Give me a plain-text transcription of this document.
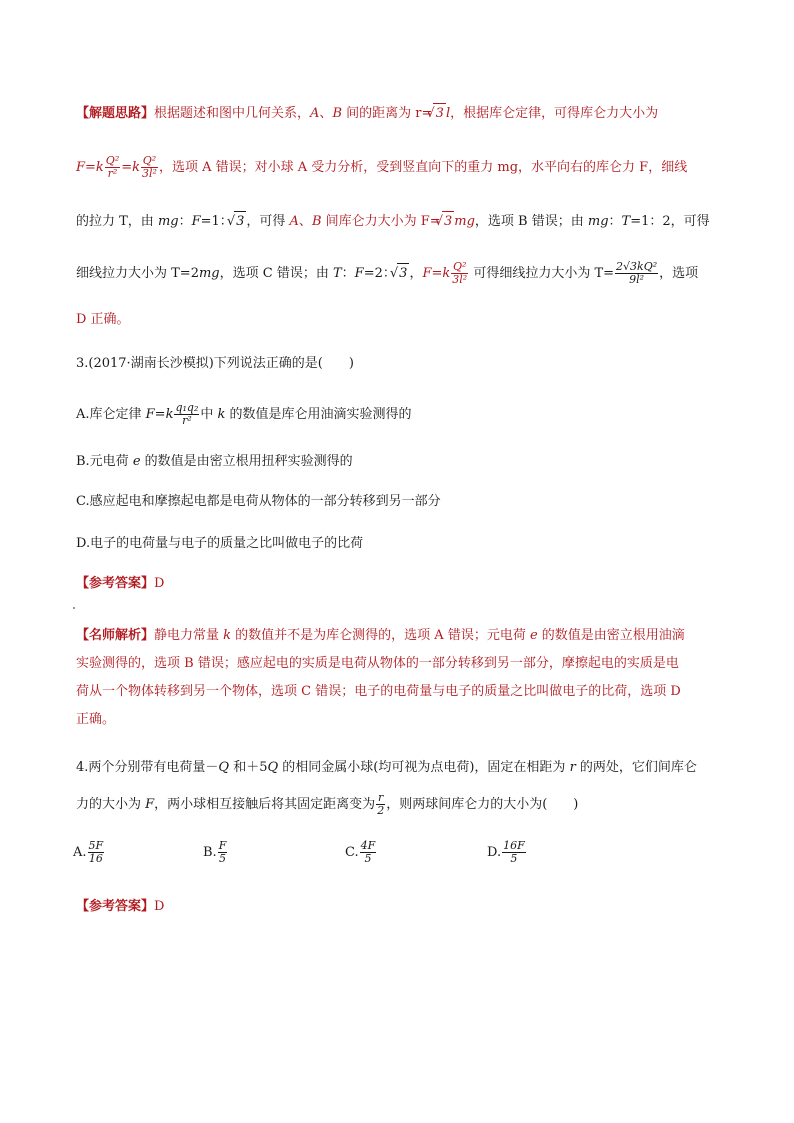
【解题思路】根据题述和图中几何关系，A、B 间的距离为 r= √ 3 l，根据库仑定律，可得库仑力大小为
$F=k \frac{\text{Q²}}{\text{r²}} =k \frac{\text{Q²}}{\text{3l²}}$ ，选项 A 错误；对小球 A 受力分析，受到竖直向下的重力 mg，水平向右的库仑力 F，细线
的拉力 T，由 mg：F=1： √ 3 ，可得 A、B 间库仑力大小为 F= √ 3 mg，选项 B 错误；由 mg：T=1：2，可得
细线拉力大小为 T=2mg，选项 C 错误；由 T：F=2： √ 3 ，$F=k \frac{\text{Q²}}{\text{3l²}}$ 可得细线拉力大小为 $T= \frac{\text{2√3kQ²}}{\text{9l²}}$ ，选项
D 正确。
3.(2017·湖南长沙模拟)下列说法正确的是(　　)
A.库仑定律 $F=k \frac{\text{q₁q₂}}{\text{r²}}$ 中 k 的数值是库仑用油滴实验测得的
B.元电荷 e 的数值是由密立根用扭秤实验测得的
C.感应起电和摩擦起电都是电荷从物体的一部分转移到另一部分
D.电子的电荷量与电子的质量之比叫做电子的比荷
【参考答案】D
【名师解析】静电力常量 k 的数值并不是为库仑测得的，选项 A 错误；元电荷 e 的数值是由密立根用油滴
实验测得的，选项 B 错误；感应起电的实质是电荷从物体的一部分转移到另一部分，摩擦起电的实质是电
荷从一个物体转移到另一个物体，选项 C 错误；电子的电荷量与电子的质量之比叫做电子的比荷，选项 D
正确。
4.两个分别带有电荷量－Q 和＋5Q 的相同金属小球(均可视为点电荷)，固定在相距为 r 的两处，它们间库仑
力的大小为 F，两小球相互接触后将其固定距离变为 $\frac{r}{2}$ ，则两球间库仑力的大小为(　　)
A. $\frac{5F}{16}$	B. $\frac{F}{5}$	C. $\frac{4F}{5}$	D. $\frac{16F}{5}$
【参考答案】D
